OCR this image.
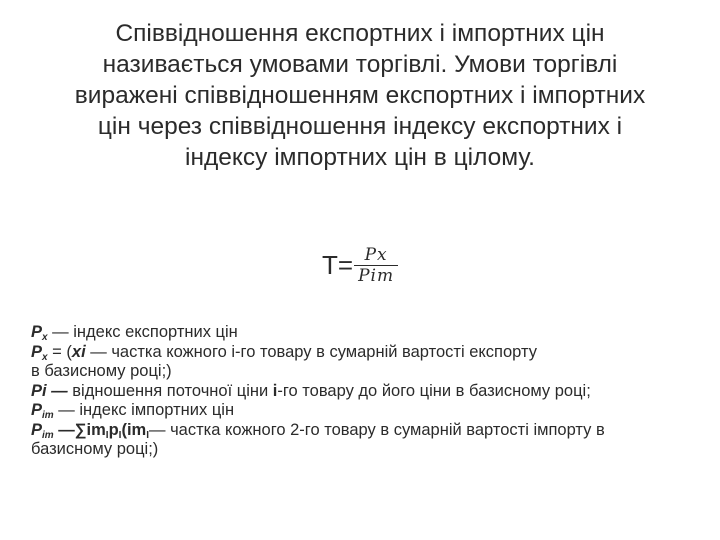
Співвідношення експортних і імпортних цін
називається умовами торгівлі. Умови торгівлі
виражені співвідношенням експортних і імпортних
цін через співвідношення індексу експортних і
індексу імпортних цін в цілому.
$T= \frac{Px}{\text{Pim}}$
$P_x$ — індекс експортних цін
$P_x = (хі$ — частка кожного і-го товару в сумарній вартості експорту
в базисному році;)
Pi — відношення поточної ціни і-го товару до його ціни в базисному році;
$P_{im}$ — індекс імпортних цін
$P_{im}$ $—\sum im_Ip_I(im_I—$ частка кожного 2-го товару в сумарній вартості імпорту в
базисному році;)
